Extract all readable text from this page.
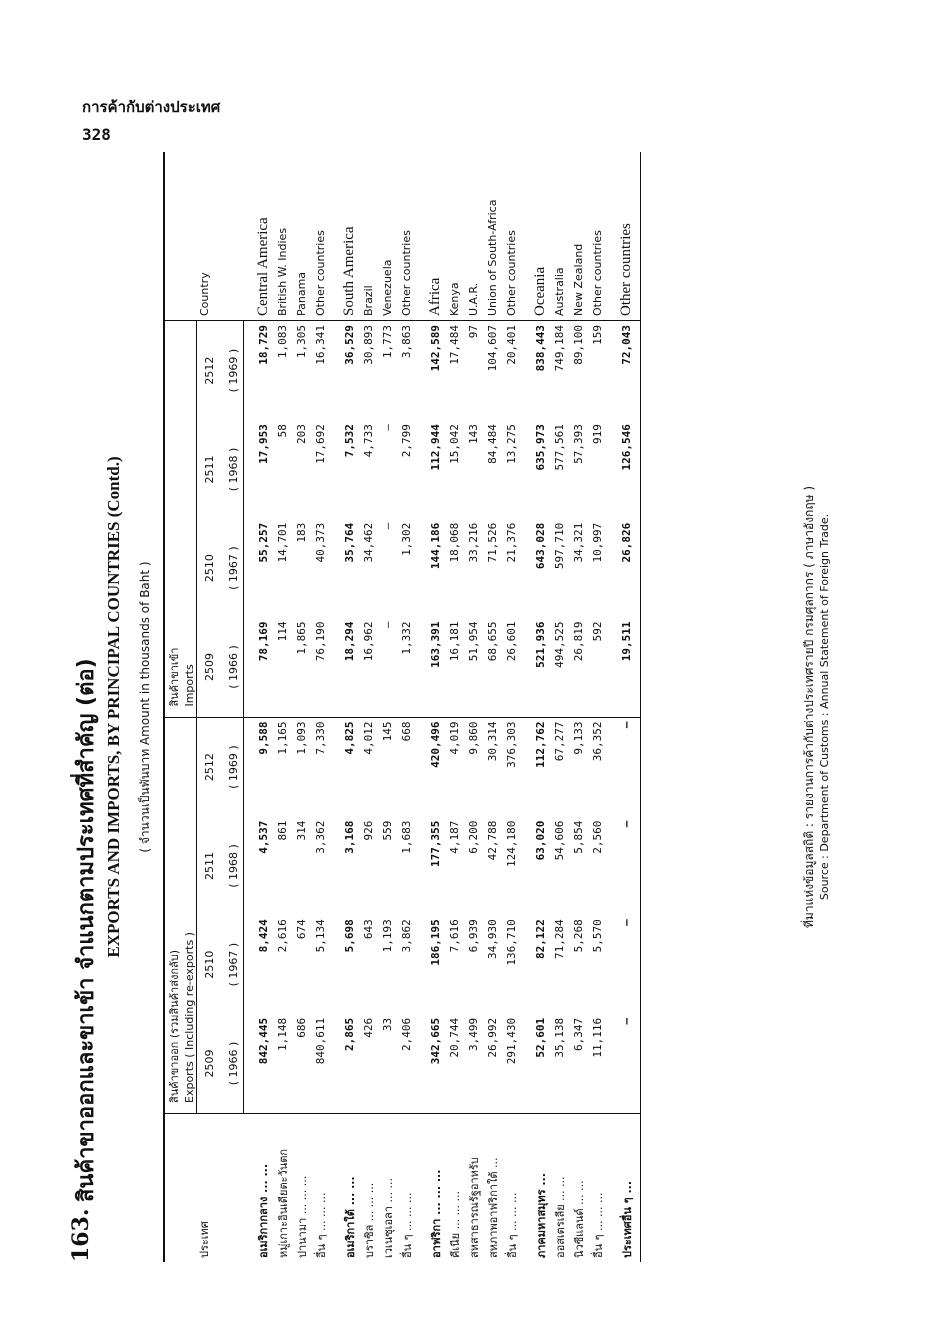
การค้ากับต่างประเทศ
328
163.
สินค้าขาออกและขาเข้า จำแนกตามประเทศที่สำคัญ (ต่อ) EXPORTS AND IMPORTS, BY PRINCIPAL COUNTRIES (Contd.) ( จำนวนเป็นพันบาท Amount in thousands of Baht )
ประเทศ	สินค้าขาออก (รวมสินค้าส่งกลับ) Exports ( Including re-exports )				สินค้าขาเข้า Imports				Country
	2509	2510	2511	2512	2509	2510	2511	2512	
	( 1966 )	( 1967 )	( 1968 )	( 1969 )	( 1966 )	( 1967 )	( 1968 )	( 1969 )	
อเมริกากลาง ... ...	842,445	8,424	4,537	9,588	78,169	55,257	17,953	18,729	Central America
หมู่เกาะอินเดียตะวันตก	1,148	2,616	861	1,165	114	14,701	58	1,083	British W. Indies
ปานามา ... ... ...	686	674	314	1,093	1,865	183	203	1,305	Panama
อื่น ๆ ... ... ...	840,611	5,134	3,362	7,330	76,190	40,373	17,692	16,341	Other countries
อเมริกาใต้ ... ...	2,865	5,698	3,168	4,825	18,294	35,764	7,532	36,529	South America
บราซิล ... ... ...	426	643	926	4,012	16,962	34,462	4,733	30,893	Brazil
เวเนซุเอลา ... ...	33	1,193	559	145	—	—	—	1,773	Venezuela
อื่น ๆ ... ... ...	2,406	3,862	1,683	668	1,332	1,302	2,799	3,863	Other countries
อาฟริกา ... ... ...	342,665	186,195	177,355	420,496	163,391	144,186	112,944	142,589	Africa
คีเนีย ... ... ...	20,744	7,616	4,187	4,019	16,181	18,068	15,042	17,484	Kenya
สหสาธารณรัฐอาหรับ	3,499	6,939	6,200	9,860	51,954	33,216	143	97	U.A.R.
สหภาพอาฟริกาใต้ ...	26,992	34,930	42,788	30,314	68,655	71,526	84,484	104,607	Union of South-Africa
อื่น ๆ ... ... ...	291,430	136,710	124,180	376,303	26,601	21,376	13,275	20,401	Other countries
ภาคมหาสมุทร ...	52,601	82,122	63,020	112,762	521,936	643,028	635,973	838,443	Oceania
ออสเตรเลีย ... ...	35,138	71,284	54,606	67,277	494,525	597,710	577,561	749,184	Australia
นิวซีแลนด์ ... ...	6,347	5,268	5,854	9,133	26,819	34,321	57,393	89,100	New Zealand
อื่น ๆ ... ... ...	11,116	5,570	2,560	36,352	592	10,997	919	159	Other countries
ประเทศอื่น ๆ ...	—	—	—	—	19,511	26,826	126,546	72,043	Other countries
ที่มาแห่งข้อมูลสถิติ : รายงานการค้ากับต่างประเทศรายปี กรมศุลกากร ( ภาษาอังกฤษ ) Source : Department of Customs : Annual Statement of Foreign Trade.
